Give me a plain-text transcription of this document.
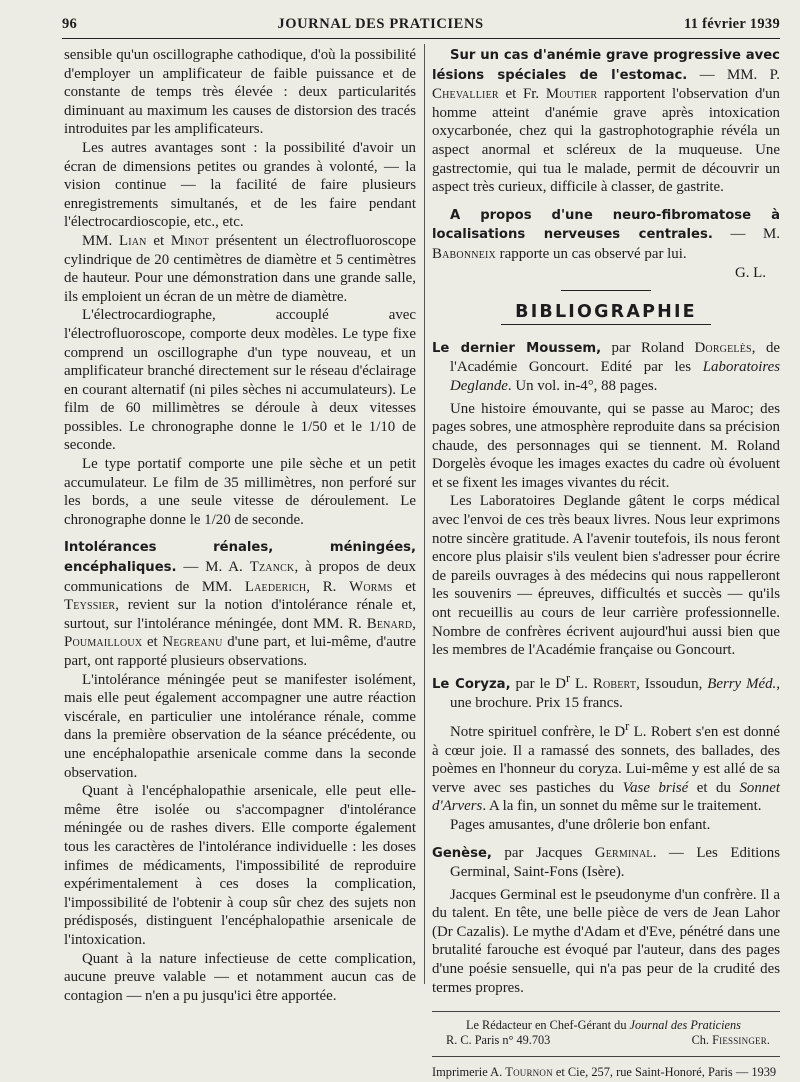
96	JOURNAL DES PRATICIENS	11 février 1939

sensible qu'un oscillographe cathodique, d'où la possibilité d'employer un amplificateur de faible puissance et de constante de temps très élevée : deux particularités diminuant au maximum les causes de distorsion des tracés introduites par les amplificateurs.

Les autres avantages sont : la possibilité d'avoir un écran de dimensions petites ou grandes à volonté, — la vision continue — la facilité de faire plusieurs enregistrements simultanés, et de les faire pendant l'électrocardioscopie, etc., etc.

MM. Lian et Minot présentent un électrofluoroscope cylindrique de 20 centimètres de diamètre et 5 centimètres de hauteur. Pour une démonstration dans une grande salle, ils emploient un écran de un mètre de diamètre.

L'électrocardiographe, accouplé avec l'électrofluoroscope, comporte deux modèles. Le type fixe comprend un oscillographe d'un type nouveau, et un amplificateur branché directement sur le réseau d'éclairage en courant alternatif (ni piles sèches ni accumulateurs). Le film de 60 millimètres se déroule à deux vitesses possibles. Le chronographe donne le 1/50 et le 1/10 de seconde.

Le type portatif comporte une pile sèche et un petit accumulateur. Le film de 35 millimètres, non perforé sur les bords, a une seule vitesse de déroulement. Le chronographe donne le 1/20 de seconde.

Intolérances rénales, méningées, encéphaliques. — M. A. Tzanck, à propos de deux communications de MM. Laederich, R. Worms et Teyssier, revient sur la notion d'intolérance rénale et, surtout, sur l'intolérance méningée, dont MM. R. Benard, Poumailloux et Negreanu d'une part, et lui-même, d'autre part, ont rapporté plusieurs observations.

L'intolérance méningée peut se manifester isolément, mais elle peut également accompagner une autre réaction viscérale, en particulier une intolérance rénale, comme dans la première observation de la séance précédente, ou une encéphalopathie arsenicale comme dans la seconde observation.

Quant à l'encéphalopathie arsenicale, elle peut elle-même être isolée ou s'accompagner d'intolérance méningée ou de rashes divers. Elle comporte également tous les caractères de l'intolérance individuelle : les doses infimes de médicaments, l'impossibilité de reproduire expérimentalement à ces doses la complication, l'impossibilité de l'obtenir à coup sûr chez des sujets non prédisposés, distinguent l'encéphalopathie arsenicale de l'intoxication.

Quant à la nature infectieuse de cette complication, aucune preuve valable — et notamment aucun cas de contagion — n'en a pu jusqu'ici être apportée.

Sur un cas d'anémie grave progressive avec lésions spéciales de l'estomac. — MM. P. Chevallier et Fr. Moutier rapportent l'observation d'un homme atteint d'anémie grave après intoxication oxycarbonée, chez qui la gastrophotographie révéla un aspect anormal et scléreux de la muqueuse. Une gastrectomie, qui tua le malade, permit de découvrir un aspect très curieux, difficile à classer, de gastrite.

A propos d'une neuro-fibromatose à localisations nerveuses centrales. — M. Babonneix rapporte un cas observé par lui.

G. L.

BIBLIOGRAPHIE

Le dernier Moussem, par Roland Dorgelès, de l'Académie Goncourt. Edité par les Laboratoires Deglande. Un vol. in-4°, 88 pages.

Une histoire émouvante, qui se passe au Maroc; des pages sobres, une atmosphère reproduite dans sa précision chaude, des personnages qui se tiennent. M. Roland Dorgelès évoque les images exactes du cadre où évoluent et se fixent les images vivantes du récit.

Les Laboratoires Deglande gâtent le corps médical avec l'envoi de ces très beaux livres. Nous leur exprimons notre sincère gratitude. A l'avenir toutefois, ils nous feront encore plus plaisir s'ils veulent bien s'adresser pour écrire de pareils ouvrages à des médecins qui nous rappelleront les souvenirs — épreuves, difficultés et succès — qu'ils ont recueillis au cours de leur carrière professionnelle. Nombre de confrères écrivent aujourd'hui aussi bien que les membres de l'Académie française ou Goncourt.

Le Coryza, par le $D^r$ L. Robert, Issoudun, Berry Méd., une brochure. Prix 15 francs.

Notre spirituel confrère, le $D^r$ L. Robert s'en est donné à cœur joie. Il a ramassé des sonnets, des ballades, des poèmes en l'honneur du coryza. Lui-même y est allé de sa verve avec ses pastiches du Vase brisé et du Sonnet d'Arvers. A la fin, un sonnet du même sur le traitement.

Pages amusantes, d'une drôlerie bon enfant.

Genèse, par Jacques Germinal. — Les Editions Germinal, Saint-Fons (Isère).

Jacques Germinal est le pseudonyme d'un confrère. Il a du talent. En tête, une belle pièce de vers de Jean Lahor (Dr Cazalis). Le mythe d'Adam et d'Eve, pénétré dans une brutalité farouche est évoqué par l'auteur, dans des pages d'une poésie sensuelle, qui n'a pas peur de la crudité des termes propres.

Le Rédacteur en Chef-Gérant du Journal des Praticiens
R. C. Paris n° 49.703	Ch. Fiessinger.
Imprimerie A. Tournon et Cie, 257, rue Saint-Honoré, Paris — 1939
